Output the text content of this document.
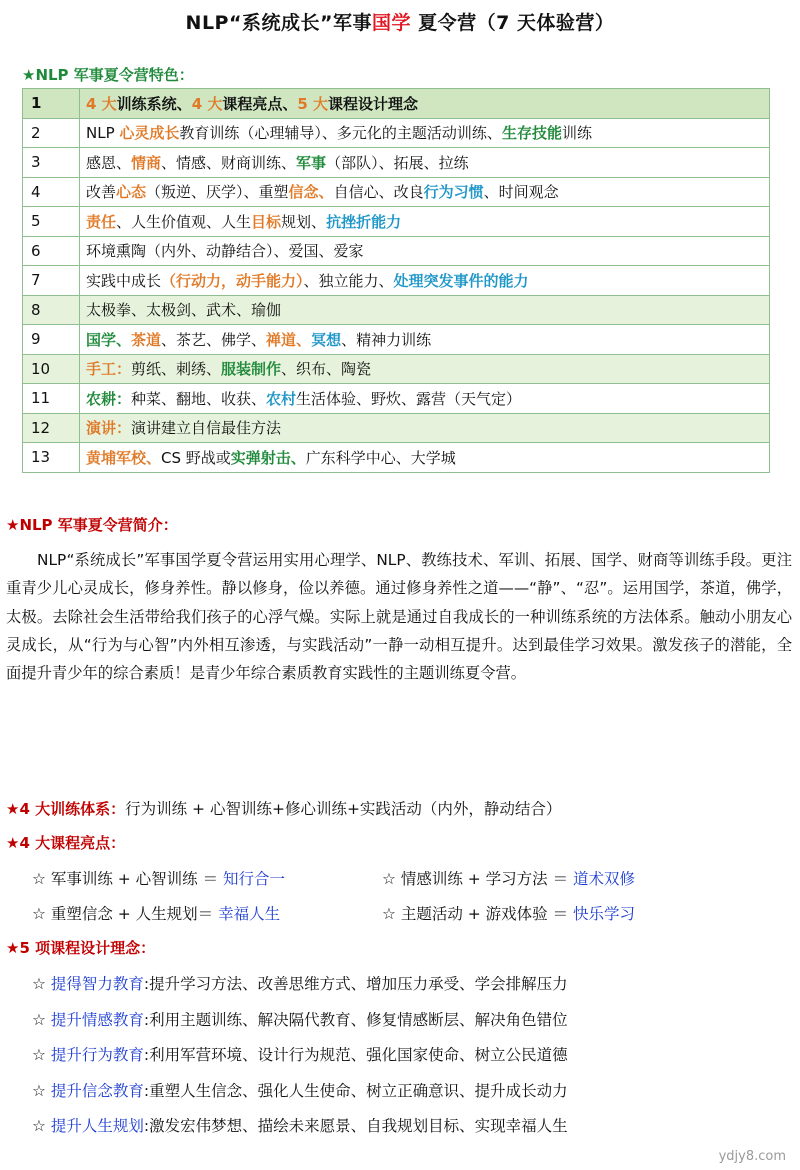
NLP“系统成长”军事国学 夏令营（7 天体验营）
★NLP 军事夏令营特色：
1	4 大训练系统、4 大课程亮点、5 大课程设计理念
2	NLP 心灵成长教育训练（心理辅导）、多元化的主题活动训练、生存技能训练
3	感恩、情商、情感、财商训练、军事（部队）、拓展、拉练
4	改善心态（叛逆、厌学）、重塑信念、自信心、改良行为习惯、时间观念
5	责任、人生价值观、人生目标规划、抗挫折能力
6	环境熏陶（内外、动静结合）、爱国、爱家
7	实践中成长（行动力，动手能力）、独立能力、处理突发事件的能力
8	太极拳、太极剑、武术、瑜伽
9	国学、茶道、茶艺、佛学、禅道、冥想、精神力训练
10	手工：剪纸、刺绣、服装制作、织布、陶瓷
11	农耕：种菜、翻地、收获、农村生活体验、野炊、露营（天气定）
12	演讲：演讲建立自信最佳方法
13	黄埔军校、CS 野战或实弹射击、广东科学中心、大学城
★NLP 军事夏令营简介：

NLP“系统成长”军事国学夏令营运用实用心理学、NLP、教练技术、军训、拓展、国学、财商等训练手段。更注重青少儿心灵成长，修身养性。静以修身，俭以养德。通过修身养性之道——“静”、“忍”。运用国学，茶道，佛学，太极。去除社会生活带给我们孩子的心浮气燥。实际上就是通过自我成长的一种训练系统的方法体系。触动小朋友心灵成长，从“行为与心智”内外相互渗透，与实践活动”一静一动相互提升。达到最佳学习效果。激发孩子的潜能，全面提升青少年的综合素质！是青少年综合素质教育实践性的主题训练夏令营。

★4 大训练体系：行为训练 + 心智训练+修心训练+实践活动（内外，静动结合）
★4 大课程亮点：
☆ 军事训练 + 心智训练 ＝ 知行合一	☆ 情感训练 + 学习方法 ＝ 道术双修
☆ 重塑信念 + 人生规划＝ 幸福人生	☆ 主题活动 + 游戏体验 ＝ 快乐学习
★5 项课程设计理念：
☆ 提得智力教育:提升学习方法、改善思维方式、增加压力承受、学会排解压力
☆ 提升情感教育:利用主题训练、解决隔代教育、修复情感断层、解决角色错位
☆ 提升行为教育:利用军营环境、设计行为规范、强化国家使命、树立公民道德
☆ 提升信念教育:重塑人生信念、强化人生使命、树立正确意识、提升成长动力
☆ 提升人生规划:激发宏伟梦想、描绘未来愿景、自我规划目标、实现幸福人生
ydjy8.com
